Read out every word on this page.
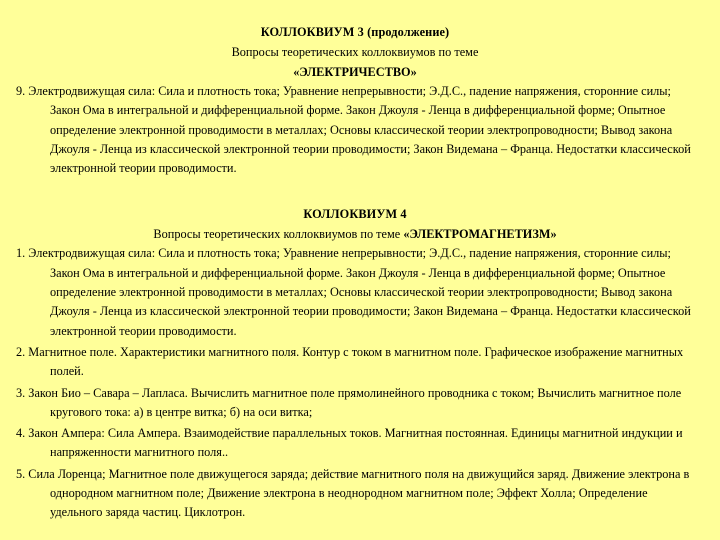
КОЛЛОКВИУМ 3 (продолжение)
Вопросы теоретических коллоквиумов по теме
«ЭЛЕКТРИЧЕСТВО»

9. Электродвижущая сила: Сила и плотность тока; Уравнение непрерывности; Э.Д.С., падение напряжения, сторонние силы; Закон Ома в интегральной и дифференциальной форме. Закон Джоуля - Ленца в дифференциальной форме; Опытное определение электронной проводимости в металлах; Основы классической теории электропроводности; Вывод закона Джоуля - Ленца из классической электронной теории проводимости; Закон Видемана – Франца. Недостатки классической электронной теории проводимости.

КОЛЛОКВИУМ 4
Вопросы теоретических коллоквиумов по теме «ЭЛЕКТРОМАГНЕТИЗМ»

1. Электродвижущая сила: Сила и плотность тока; Уравнение непрерывности; Э.Д.С., падение напряжения, сторонние силы; Закон Ома в интегральной и дифференциальной форме. Закон Джоуля - Ленца в дифференциальной форме; Опытное определение электронной проводимости в металлах; Основы классической теории электропроводности; Вывод закона Джоуля - Ленца из классической электронной теории проводимости; Закон Видемана – Франца. Недостатки классической электронной теории проводимости.

2. Магнитное поле. Характеристики магнитного поля. Контур с током в магнитном поле. Графическое изображение магнитных полей.

3. Закон Био – Савара – Лапласа. Вычислить магнитное поле прямолинейного проводника с током; Вычислить магнитное поле кругового тока: а) в центре витка; б) на оси витка;

4. Закон Ампера: Сила Ампера. Взаимодействие параллельных токов. Магнитная постоянная. Единицы магнитной индукции и напряженности магнитного поля..

5. Сила Лоренца; Магнитное поле движущегося заряда; действие магнитного поля на движущийся заряд. Движение электрона в однородном магнитном поле; Движение электрона в неоднородном магнитном поле; Эффект Холла; Определение удельного заряда частиц. Циклотрон.
